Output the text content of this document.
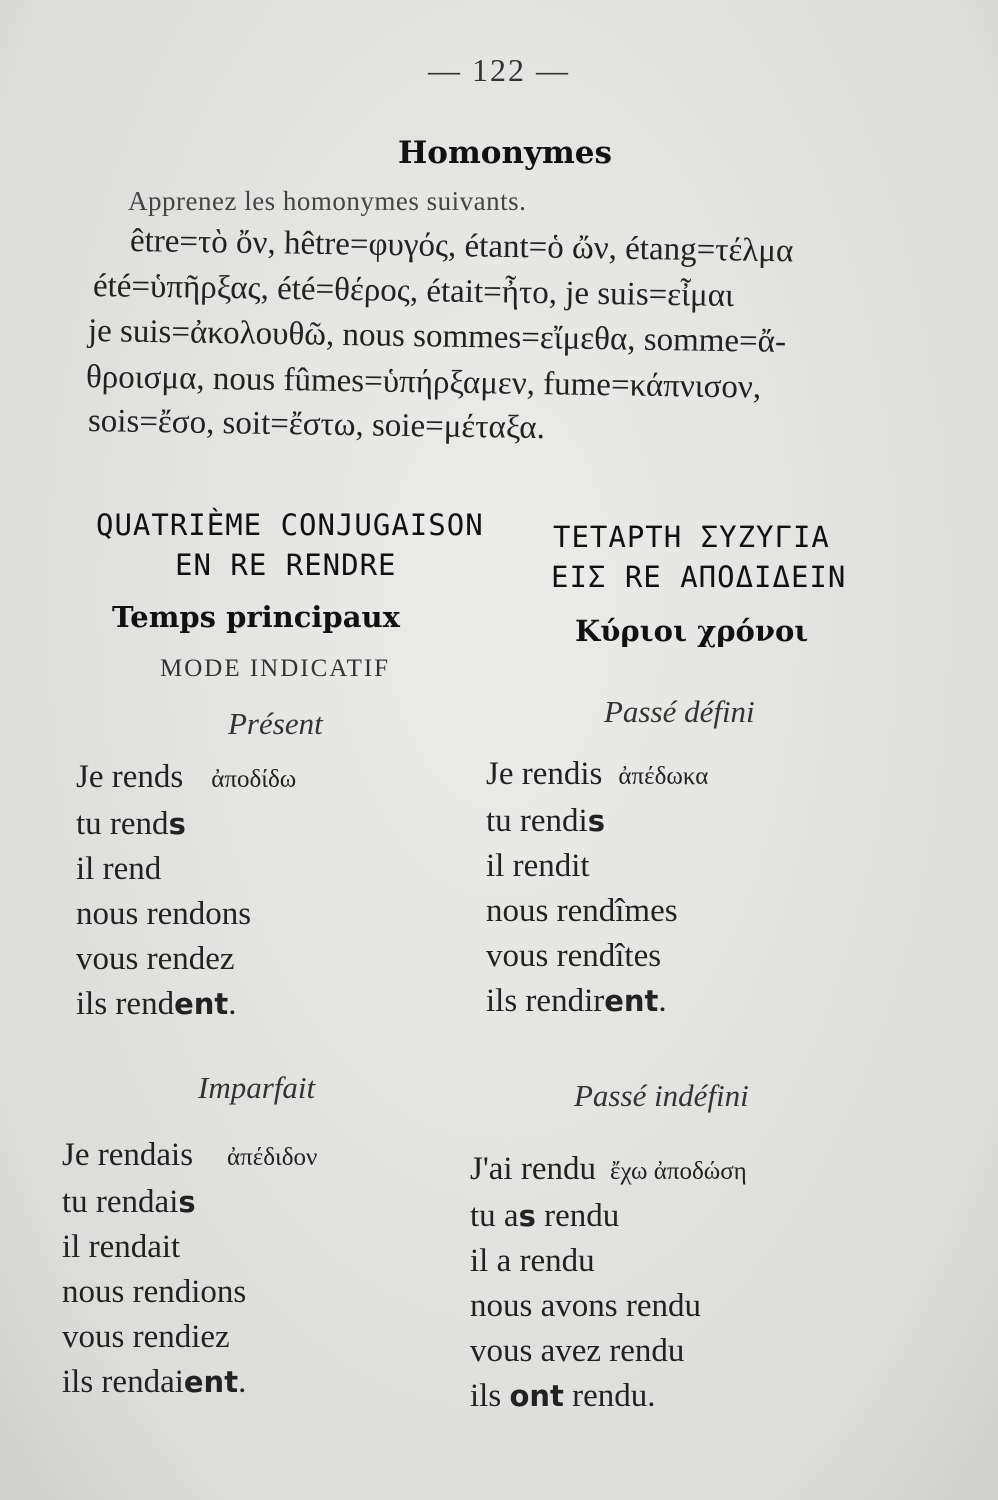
— 122 —
Homonymes
Apprenez les homonymes suivants.
être=τὸ ὄν, hêtre=φυγός, étant=ὁ ὤν, étang=τέλμα
été=ὑπῆρξας, été=θέρος, était=ἦτο, je suis=εἶμαι
je suis=ἀκολουθῶ, nous sommes=εἴμεθα, somme=ἄ-
θροισμα, nous fûmes=ὑπήρξαμεν, fume=κάπνισον,
sois=ἔσο, soit=ἔστω, soie=μέταξα.
QUATRIÈME CONJUGAISON
EN RE RENDRE
Temps principaux
MODE INDICATIF
Présent
ΤΕΤΑΡΤΗ ΣΥΖΥΓΙΑ
ΕΙΣ RE ΑΠΟΔΙΔΕΙΝ
Κύριοι χρόνοι
Passé défini
Je rends ἀποδίδω
tu rends
il rend
nous rendons
vous rendez
ils rendent.
Je rendis ἀπέδωκα
tu rendis
il rendit
nous rendîmes
vous rendîtes
ils rendirent.
Imparfait	Passé indéfini
Je rendais ἀπέδιδον
tu rendais
il rendait
nous rendions
vous rendiez
ils rendaient.
J'ai rendu ἔχω ἀποδώση
tu as rendu
il a rendu
nous avons rendu
vous avez rendu
ils ont rendu.
